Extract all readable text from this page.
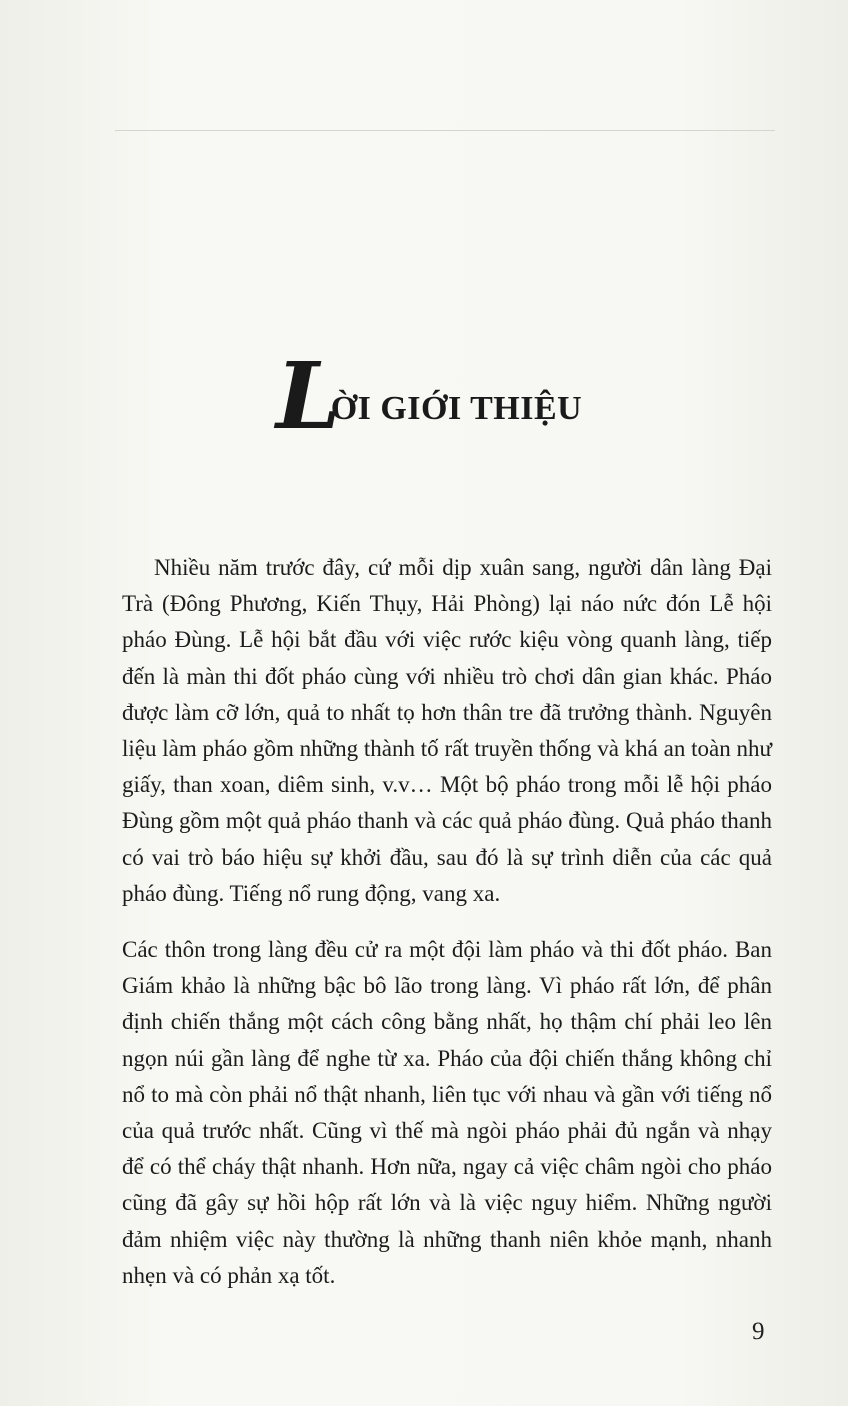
L
ỜI GIỚI THIỆU

Nhiều năm trước đây, cứ mỗi dịp xuân sang, người dân làng Đại Trà (Đông Phương, Kiến Thụy, Hải Phòng) lại náo nức đón Lễ hội pháo Đùng. Lễ hội bắt đầu với việc rước kiệu vòng quanh làng, tiếp đến là màn thi đốt pháo cùng với nhiều trò chơi dân gian khác. Pháo được làm cỡ lớn, quả to nhất tọ hơn thân tre đã trưởng thành. Nguyên liệu làm pháo gồm những thành tố rất truyền thống và khá an toàn như giấy, than xoan, diêm sinh, v.v… Một bộ pháo trong mỗi lễ hội pháo Đùng gồm một quả pháo thanh và các quả pháo đùng. Quả pháo thanh có vai trò báo hiệu sự khởi đầu, sau đó là sự trình diễn của các quả pháo đùng. Tiếng nổ rung động, vang xa.

Các thôn trong làng đều cử ra một đội làm pháo và thi đốt pháo. Ban Giám khảo là những bậc bô lão trong làng. Vì pháo rất lớn, để phân định chiến thắng một cách công bằng nhất, họ thậm chí phải leo lên ngọn núi gần làng để nghe từ xa. Pháo của đội chiến thắng không chỉ nổ to mà còn phải nổ thật nhanh, liên tục với nhau và gần với tiếng nổ của quả trước nhất. Cũng vì thế mà ngòi pháo phải đủ ngắn và nhạy để có thể cháy thật nhanh. Hơn nữa, ngay cả việc châm ngòi cho pháo cũng đã gây sự hồi hộp rất lớn và là việc nguy hiểm. Những người đảm nhiệm việc này thường là những thanh niên khỏe mạnh, nhanh nhẹn và có phản xạ tốt.

9
